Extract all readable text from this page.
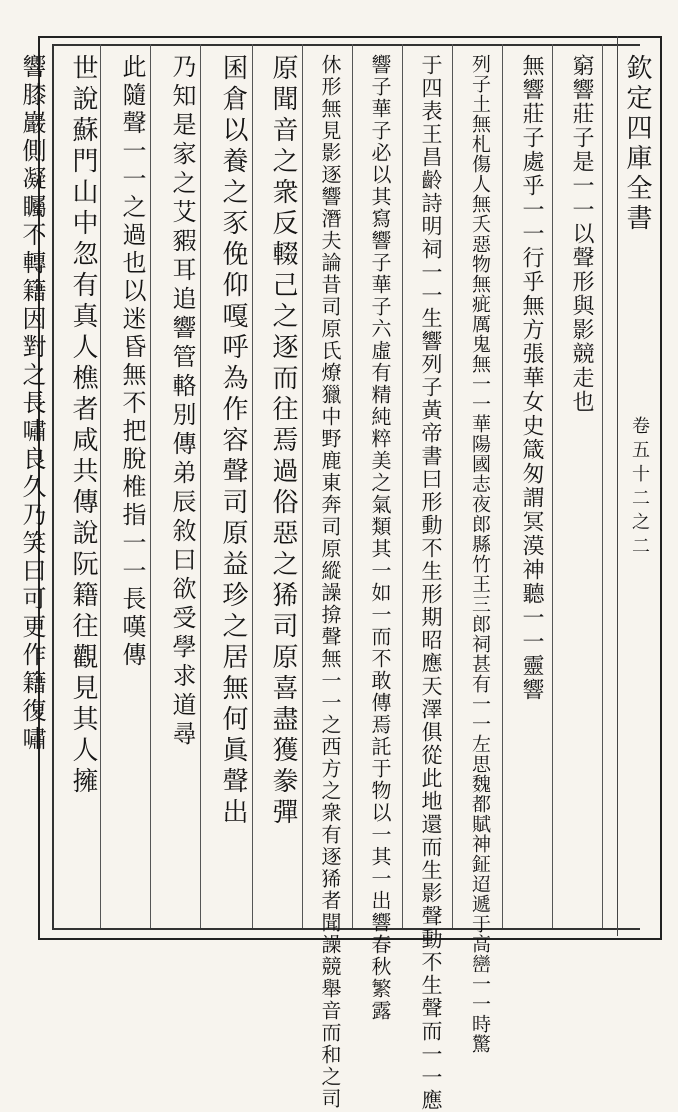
欽定四庫全書
卷五十二之二
窮響莊子是一一以聲形與影競走也
無響莊子處乎一一行乎無方張華女史箴匆謂冥漠神聽一一靈響
列子土無札傷人無夭惡物無疵厲鬼無一一華陽國志夜郎縣竹王三郎祠甚有一一左思魏都賦神鉦迢遞于高巒一一時驚
于四表王昌齡詩明祠一一生響列子黃帝書曰形動不生形期昭應天澤俱從此地還而生影聲動不生聲而一一應
響子華子必以其寫響子華子六虛有精純粹美之氣類其一如一而不敢傳焉託于物以一其一出響春秋繁露
休形無見影逐響潛夫論昔司原氏燎獵中野鹿東奔司原縱譟揜聲無一一之西方之衆有逐狶者聞譟競舉音而和之司
原聞音之衆反輟己之逐而往焉過俗惡之狶司原喜盡獲豢彈
囷倉以養之豕俛仰嘎呼為作容聲司原益珍之居無何眞聲出
乃知是家之艾豭耳追響管輅別傳弟辰敘曰欲受學求道尋
此隨聲一一之過也以迷昏無不把脫椎指一一長嘆傳
世說蘇門山中忽有真人樵者咸共傳說阮籍往觀見其人擁
響膝巖側凝矚不轉籍因對之長嘯良久乃笑曰可更作籍復嘯
